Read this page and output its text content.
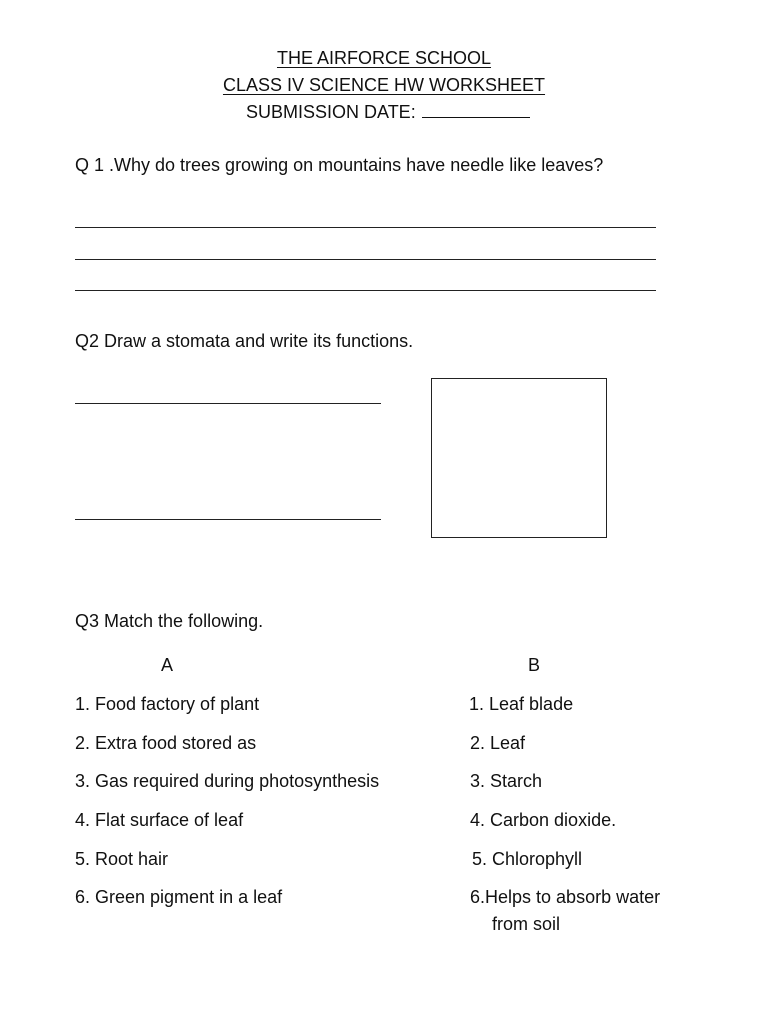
THE AIRFORCE SCHOOL
CLASS IV SCIENCE HW WORKSHEET
SUBMISSION DATE:
Q 1 .Why do trees growing on mountains have needle like leaves?
Q2 Draw a stomata and write its functions.
Q3 Match the following.
A	B
1. Food factory of plant
2. Extra food stored as
3. Gas required during photosynthesis
4. Flat surface of leaf
5. Root hair
6. Green pigment in a leaf
1. Leaf blade
2. Leaf
3. Starch
4. Carbon dioxide.
5. Chlorophyll
6.Helps to absorb water
from soil
